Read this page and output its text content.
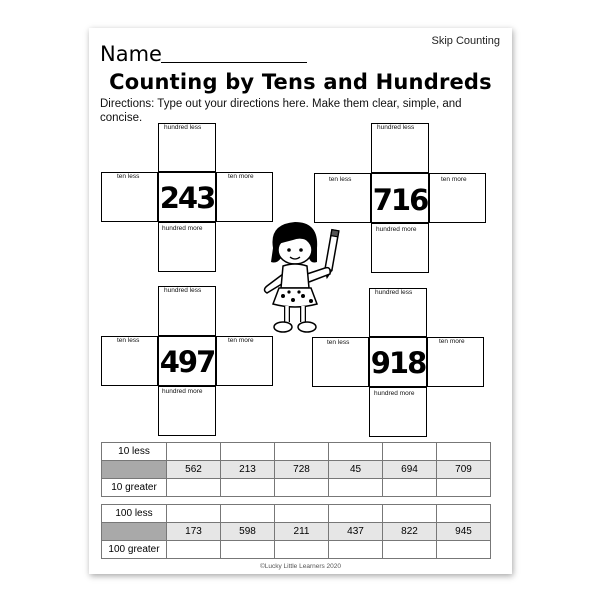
Skip Counting
Name
Counting by Tens and Hundreds
Directions: Type out your directions here. Make them clear, simple, and concise.
hundred less
ten less
243
ten more
hundred more
hundred less
ten less
716
ten more
hundred more
hundred less
ten less
497
ten more
hundred more
hundred less
ten less
918
ten more
hundred more
10 less						
	562	213	728	45	694	709
10 greater						
100 less						
	173	598	211	437	822	945
100 greater						
©Lucky Little Learners 2020
